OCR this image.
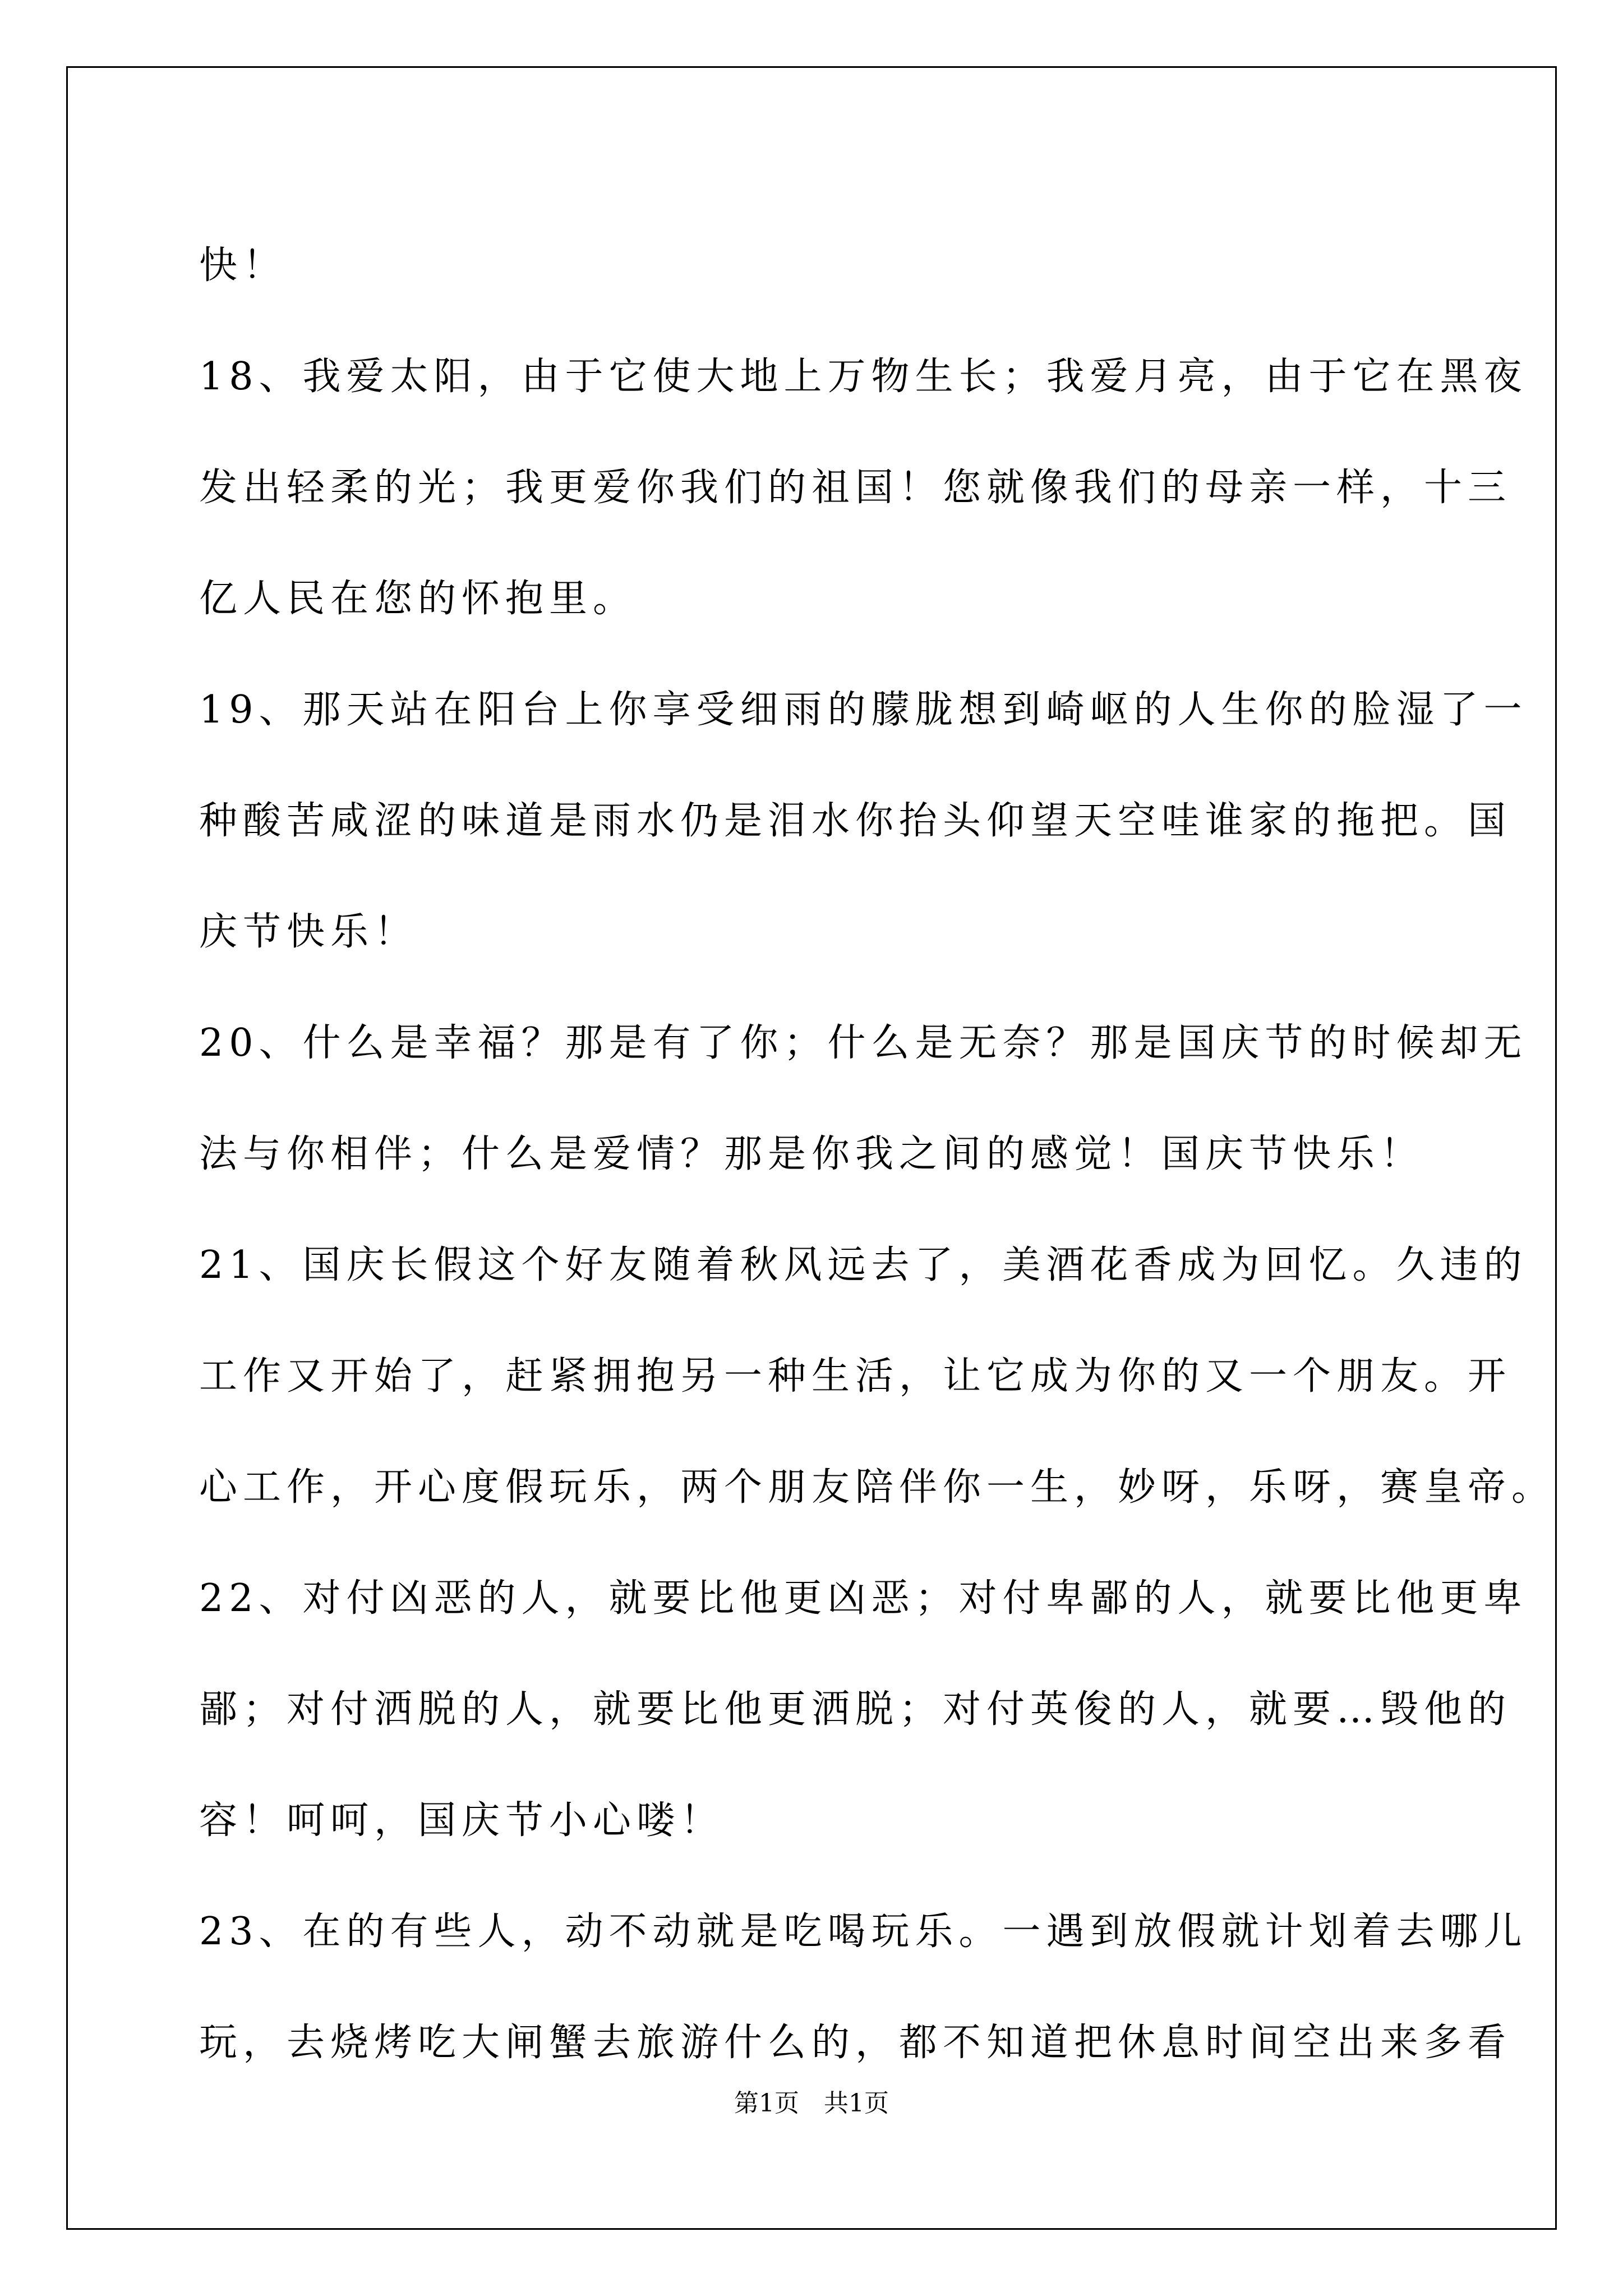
快！
18、我爱太阳，由于它使大地上万物生长；我爱月亮，由于它在黑夜
发出轻柔的光；我更爱你我们的祖国！您就像我们的母亲一样，十三
亿人民在您的怀抱里。
19、那天站在阳台上你享受细雨的朦胧想到崎岖的人生你的脸湿了一
种酸苦咸涩的味道是雨水仍是泪水你抬头仰望天空哇谁家的拖把。国
庆节快乐！
20、什么是幸福？那是有了你；什么是无奈？那是国庆节的时候却无
法与你相伴；什么是爱情？那是你我之间的感觉！国庆节快乐！
21、国庆长假这个好友随着秋风远去了，美酒花香成为回忆。久违的
工作又开始了，赶紧拥抱另一种生活，让它成为你的又一个朋友。开
心工作，开心度假玩乐，两个朋友陪伴你一生，妙呀，乐呀，赛皇帝。
22、对付凶恶的人，就要比他更凶恶；对付卑鄙的人，就要比他更卑
鄙；对付洒脱的人，就要比他更洒脱；对付英俊的人，就要…毁他的
容！呵呵，国庆节小心喽！
23、在的有些人，动不动就是吃喝玩乐。一遇到放假就计划着去哪儿
玩，去烧烤吃大闸蟹去旅游什么的，都不知道把休息时间空出来多看
第1页　共1页
